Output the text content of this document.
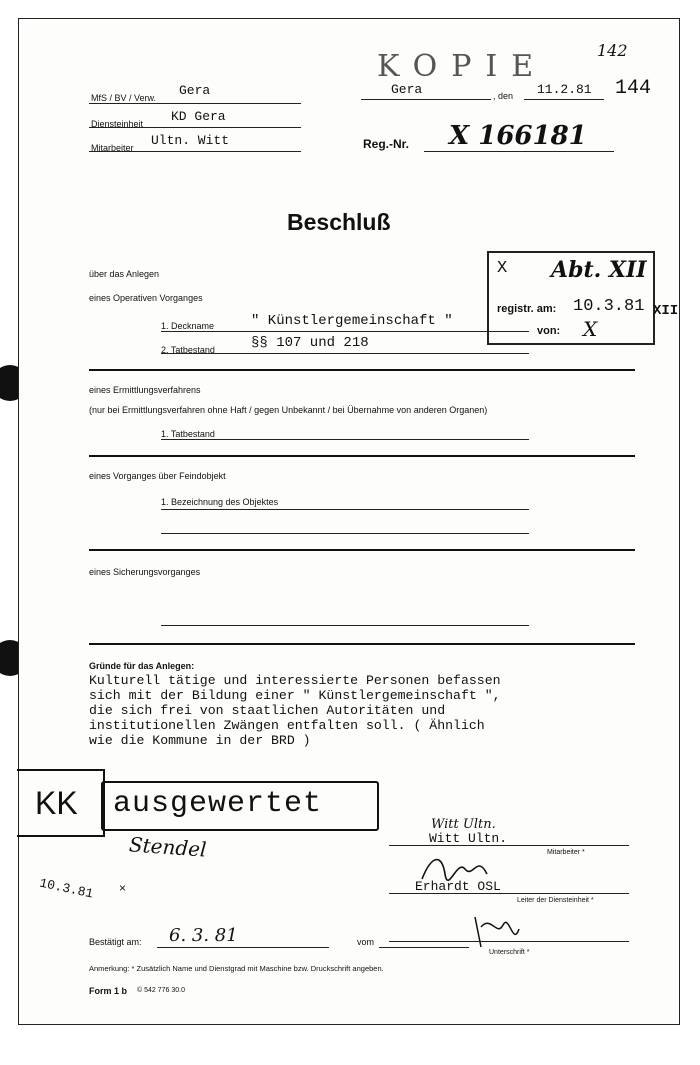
KOPIE	142
144
MfS / BV / Verw. Gera
Diensteinheit KD Gera
Mitarbeiter Ultn. Witt
Gera	, den 11.2.81
Reg.-Nr. X 166181
Beschluß
X Abt. XII
registr. am: 10.3.81
von: X
XII
über das Anlegen
eines Operativen Vorganges
1. Deckname	" Künstlergemeinschaft "
2. Tatbestand	§§ 107 und 218
eines Ermittlungsverfahrens
(nur bei Ermittlungsverfahren ohne Haft / gegen Unbekannt / bei Übernahme von anderen Organen)
1. Tatbestand
eines Vorganges über Feindobjekt
1. Bezeichnung des Objektes
eines Sicherungsvorganges
Gründe für das Anlegen:
Kulturell tätige und interessierte Personen befassen
sich mit der Bildung einer " Künstlergemeinschaft ",
die sich frei von staatlichen Autoritäten und
institutionellen Zwängen entfalten soll. ( Ähnlich
wie die Kommune in der BRD )
KK ausgewertet
Stendel
10.3.81 ×
Witt Ultn.
Witt Ultn.
Mitarbeiter *
Erhardt OSL
Leiter der Diensteinheit *
Unterschrift *
Bestätigt am: 6. 3. 81	vom
Anmerkung: * Zusätzlich Name und Dienstgrad mit Maschine bzw. Druckschrift angeben.
Form 1 b © 542 776 30.0
